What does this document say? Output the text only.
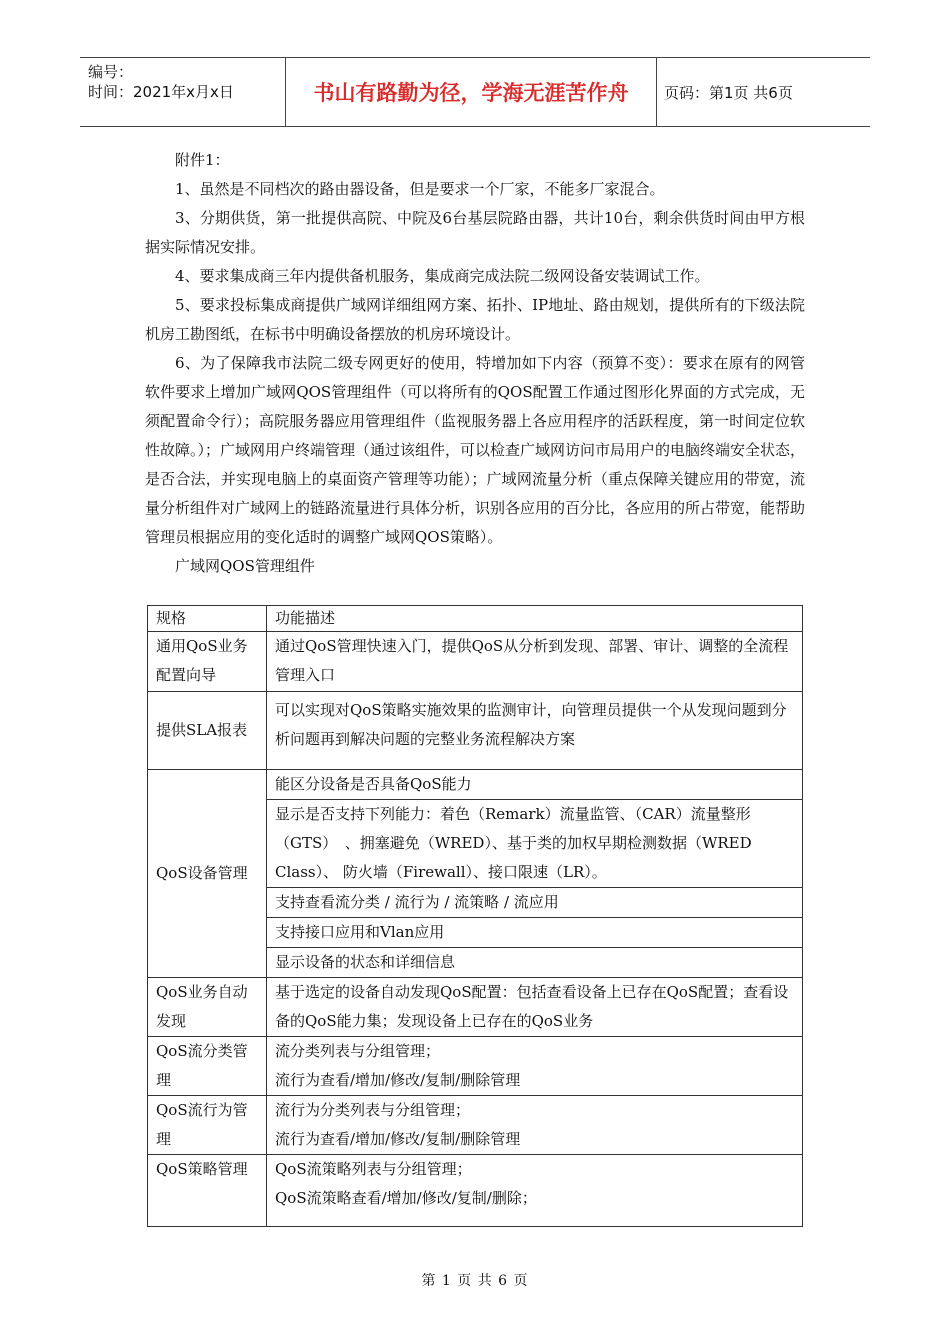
编号：
时间：2021年x月x日	书山有路勤为径，学海无涯苦作舟	页码：第1页 共6页

附件1：

1、虽然是不同档次的路由器设备，但是要求一个厂家，不能多厂家混合。

3、分期供货，第一批提供高院、中院及6台基层院路由器，共计10台，剩余供货时间由甲方根据实际情况安排。

4、要求集成商三年内提供备机服务，集成商完成法院二级网设备安装调试工作。

5、要求投标集成商提供广域网详细组网方案、拓扑、IP地址、路由规划，提供所有的下级法院机房工勘图纸，在标书中明确设备摆放的机房环境设计。

6、为了保障我市法院二级专网更好的使用，特增加如下内容（预算不变）：要求在原有的网管软件要求上增加广域网QOS管理组件（可以将所有的QOS配置工作通过图形化界面的方式完成，无须配置命令行）；高院服务器应用管理组件（监视服务器上各应用程序的活跃程度，第一时间定位软性故障。）；广域网用户终端管理（通过该组件，可以检查广域网访问市局用户的电脑终端安全状态，是否合法，并实现电脑上的桌面资产管理等功能）；广域网流量分析（重点保障关键应用的带宽，流量分析组件对广域网上的链路流量进行具体分析，识别各应用的百分比，各应用的所占带宽，能帮助管理员根据应用的变化适时的调整广域网QOS策略）。

广域网QOS管理组件

规格	功能描述
通用QoS业务配置向导	通过QoS管理快速入门，提供QoS从分析到发现、部署、审计、调整的全流程管理入口
提供SLA报表	可以实现对QoS策略实施效果的监测审计，向管理员提供一个从发现问题到分析问题再到解决问题的完整业务流程解决方案
QoS设备管理	能区分设备是否具备QoS能力
显示是否支持下列能力：着色（Remark）流量监管、（CAR）流量整形（GTS）　、拥塞避免（WRED）、基于类的加权早期检测数据（WRED Class）、 防火墙（Firewall）、接口限速（LR）。
支持查看流分类 / 流行为 / 流策略 / 流应用
支持接口应用和Vlan应用
显示设备的状态和详细信息

QoS业务自动发现	基于选定的设备自动发现QoS配置：包括查看设备上已存在QoS配置；查看设备的QoS能力集；发现设备上已存在的QoS业务
QoS流分类管理	流分类列表与分组管理；
流行为查看/增加/修改/复制/删除管理

QoS流行为管理	流行为分类列表与分组管理；
流行为查看/增加/修改/复制/删除管理

QoS策略管理	QoS流策略列表与分组管理；
QoS流策略查看/增加/修改/复制/删除；
第 1 页 共 6 页
